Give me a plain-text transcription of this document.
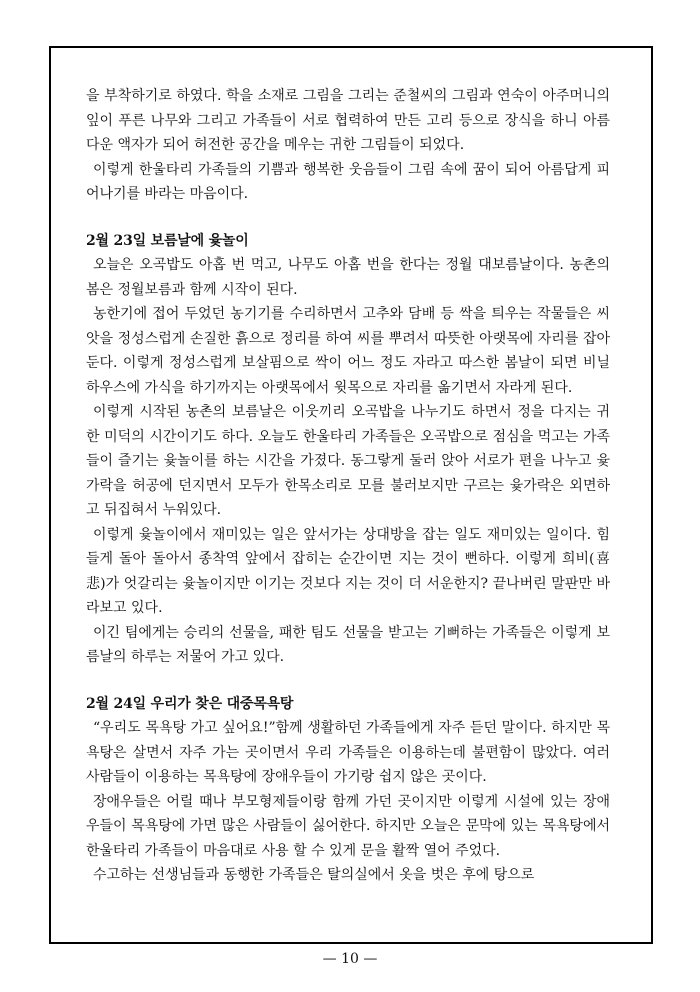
을 부착하기로 하였다. 학을 소재로 그림을 그리는 준철씨의 그림과 연숙이 아주머니의 잎이 푸른 나무와 그리고 가족들이 서로 협력하여 만든 고리 등으로 장식을 하니 아름다운 액자가 되어 허전한 공간을 메우는 귀한 그림들이 되었다.

이렇게 한울타리 가족들의 기쁨과 행복한 웃음들이 그림 속에 꿈이 되어 아름답게 피어나기를 바라는 마음이다.

2월 23일 보름날에 윷놀이

오늘은 오곡밥도 아홉 번 먹고, 나무도 아홉 번을 한다는 정월 대보름날이다. 농촌의 봄은 정월보름과 함께 시작이 된다.

농한기에 접어 두었던 농기기를 수리하면서 고추와 담배 등 싹을 틔우는 작물들은 씨앗을 정성스럽게 손질한 흙으로 정리를 하여 씨를 뿌려서 따뜻한 아랫목에 자리를 잡아 둔다. 이렇게 정성스럽게 보살핌으로 싹이 어느 정도 자라고 따스한 봄날이 되면 비닐하우스에 가식을 하기까지는 아랫목에서 윗목으로 자리를 옮기면서 자라게 된다.

이렇게 시작된 농촌의 보름날은 이웃끼리 오곡밥을 나누기도 하면서 정을 다지는 귀한 미덕의 시간이기도 하다. 오늘도 한울타리 가족들은 오곡밥으로 점심을 먹고는 가족들이 즐기는 윷놀이를 하는 시간을 가졌다. 동그랗게 둘러 앉아 서로가 편을 나누고 윷가락을 허공에 던지면서 모두가 한목소리로 모를 불러보지만 구르는 윷가락은 외면하고 뒤집혀서 누워있다.

이렇게 윷놀이에서 재미있는 일은 앞서가는 상대방을 잡는 일도 재미있는 일이다. 힘들게 돌아 돌아서 종착역 앞에서 잡히는 순간이면 지는 것이 뻔하다. 이렇게 희비(喜悲)가 엇갈리는 윷놀이지만 이기는 것보다 지는 것이 더 서운한지? 끝나버린 말판만 바라보고 있다.

이긴 팀에게는 승리의 선물을, 패한 팀도 선물을 받고는 기뻐하는 가족들은 이렇게 보름날의 하루는 저물어 가고 있다.

2월 24일 우리가 찾은 대중목욕탕

“우리도 목욕탕 가고 싶어요!”함께 생활하던 가족들에게 자주 듣던 말이다. 하지만 목욕탕은 살면서 자주 가는 곳이면서 우리 가족들은 이용하는데 불편함이 많았다. 여러 사람들이 이용하는 목욕탕에 장애우들이 가기랑 쉽지 않은 곳이다.

장애우들은 어릴 때나 부모형제들이랑 함께 가던 곳이지만 이렇게 시설에 있는 장애우들이 목욕탕에 가면 많은 사람들이 싫어한다. 하지만 오늘은 문막에 있는 목욕탕에서 한울타리 가족들이 마음대로 사용 할 수 있게 문을 활짝 열어 주었다.

수고하는 선생님들과 동행한 가족들은 탈의실에서 옷을 벗은 후에 탕으로

— 10 —
